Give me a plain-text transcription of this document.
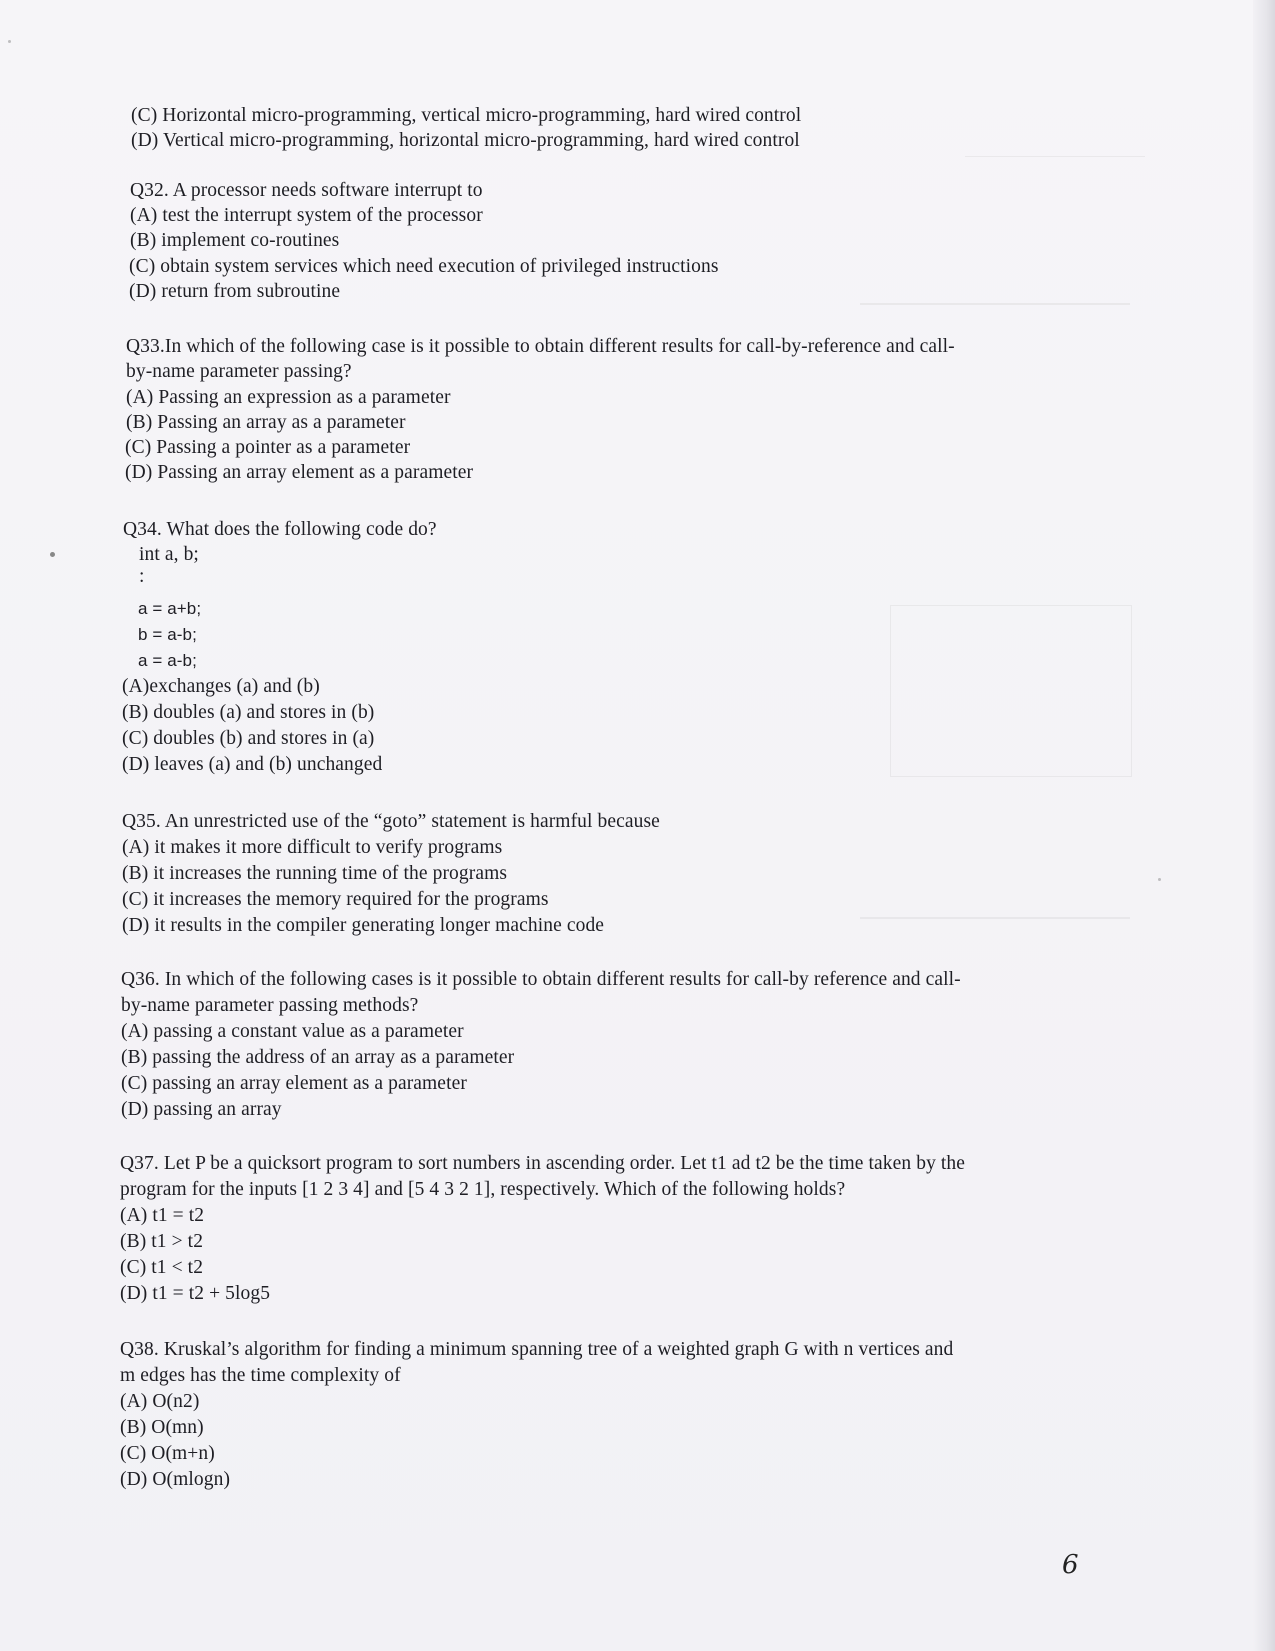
(C) Horizontal micro-programming, vertical micro-programming, hard wired control
(D) Vertical micro-programming, horizontal micro-programming, hard wired control
Q32. A processor needs software interrupt to
(A) test the interrupt system of the processor
(B) implement co-routines
(C) obtain system services which need execution of privileged instructions
(D) return from subroutine
Q33.In which of the following case is it possible to obtain different results for call-by-reference and call-
by-name parameter passing?
(A) Passing an expression as a parameter
(B) Passing an array as a parameter
(C) Passing a pointer as a parameter
(D) Passing an array element as a parameter
Q34. What does the following code do?
int a, b;
:
a = a+b;
b = a-b;
a = a-b;
(A)exchanges (a) and (b)
(B) doubles (a) and stores in (b)
(C) doubles (b) and stores in (a)
(D) leaves (a) and (b) unchanged
Q35. An unrestricted use of the “goto” statement is harmful because
(A) it makes it more difficult to verify programs
(B) it increases the running time of the programs
(C) it increases the memory required for the programs
(D) it results in the compiler generating longer machine code
Q36. In which of the following cases is it possible to obtain different results for call-by reference and call-
by-name parameter passing methods?
(A) passing a constant value as a parameter
(B) passing the address of an array as a parameter
(C) passing an array element as a parameter
(D) passing an array
Q37. Let P be a quicksort program to sort numbers in ascending order. Let t1 ad t2 be the time taken by the
program for the inputs [1 2 3 4] and [5 4 3 2 1], respectively. Which of the following holds?
(A) t1 = t2
(B) t1 > t2
(C) t1 < t2
(D) t1 = t2 + 5log5
Q38. Kruskal’s algorithm for finding a minimum spanning tree of a weighted graph G with n vertices and
m edges has the time complexity of
(A) O(n2)
(B) O(mn)
(C) O(m+n)
(D) O(mlogn)
6
